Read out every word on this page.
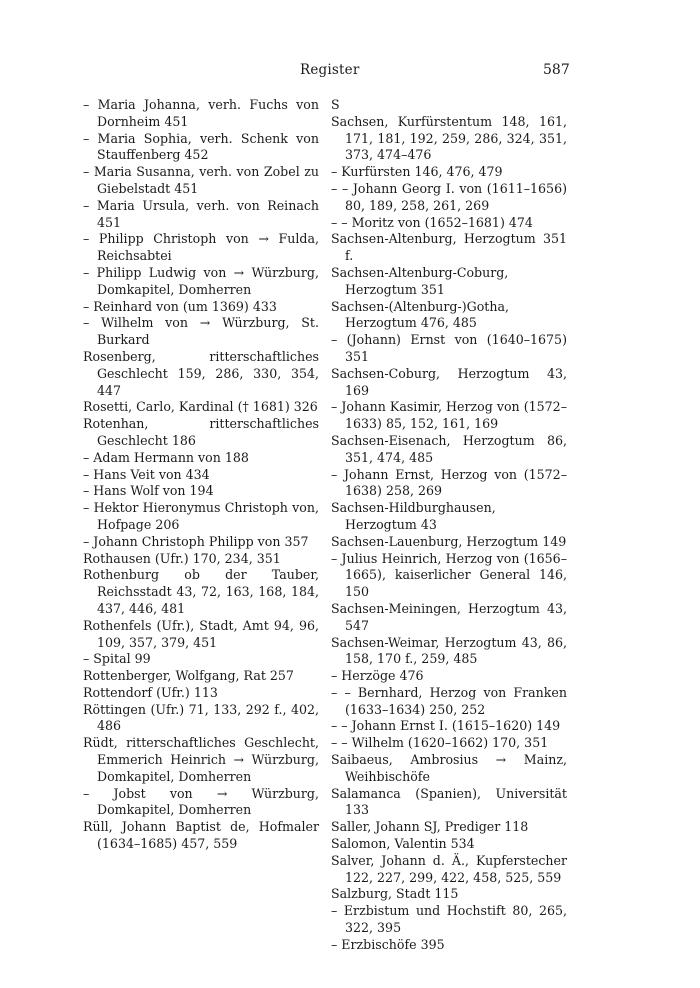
Register	587
– Maria Johanna, verh. Fuchs von Dornheim 451
– Maria Sophia, verh. Schenk von Stauffenberg 452
– Maria Susanna, verh. von Zobel zu Giebelstadt 451
– Maria Ursula, verh. von Reinach 451
– Philipp Christoph von → Fulda, Reichsabtei
– Philipp Ludwig von → Würzburg, Domkapitel, Domherren
– Reinhard von (um 1369) 433
– Wilhelm von → Würzburg, St. Burkard
Rosenberg, ritterschaftliches Geschlecht 159, 286, 330, 354, 447
Rosetti, Carlo, Kardinal († 1681) 326
Rotenhan, ritterschaftliches Geschlecht 186
– Adam Hermann von 188
– Hans Veit von 434
– Hans Wolf von 194
– Hektor Hieronymus Christoph von, Hofpage 206
– Johann Christoph Philipp von 357
Rothausen (Ufr.) 170, 234, 351
Rothenburg ob der Tauber, Reichsstadt 43, 72, 163, 168, 184, 437, 446, 481
Rothenfels (Ufr.), Stadt, Amt 94, 96, 109, 357, 379, 451
– Spital 99
Rottenberger, Wolfgang, Rat 257
Rottendorf (Ufr.) 113
Röttingen (Ufr.) 71, 133, 292 f., 402, 486
Rüdt, ritterschaftliches Geschlecht, Emmerich Heinrich → Würzburg, Domkapitel, Domherren
– Jobst von → Würzburg, Domkapitel, Domherren
Rüll, Johann Baptist de, Hofmaler (1634–1685) 457, 559
S
Sachsen, Kurfürstentum 148, 161, 171, 181, 192, 259, 286, 324, 351, 373, 474–476
– Kurfürsten 146, 476, 479
– – Johann Georg I. von (1611–1656) 80, 189, 258, 261, 269
– – Moritz von (1652–1681) 474
Sachsen-Altenburg, Herzogtum 351 f.
Sachsen-Altenburg-Coburg, Herzogtum 351
Sachsen-(Altenburg-)Gotha, Herzogtum 476, 485
– (Johann) Ernst von (1640–1675) 351
Sachsen-Coburg, Herzogtum 43, 169
– Johann Kasimir, Herzog von (1572–1633) 85, 152, 161, 169
Sachsen-Eisenach, Herzogtum 86, 351, 474, 485
– Johann Ernst, Herzog von (1572–1638) 258, 269
Sachsen-Hildburghausen, Herzogtum 43
Sachsen-Lauenburg, Herzogtum 149
– Julius Heinrich, Herzog von (1656–1665), kaiserlicher General 146, 150
Sachsen-Meiningen, Herzogtum 43, 547
Sachsen-Weimar, Herzogtum 43, 86, 158, 170 f., 259, 485
– Herzöge 476
– – Bernhard, Herzog von Franken (1633–1634) 250, 252
– – Johann Ernst I. (1615–1620) 149
– – Wilhelm (1620–1662) 170, 351
Saibaeus, Ambrosius → Mainz, Weihbischöfe
Salamanca (Spanien), Universität 133
Saller, Johann SJ, Prediger 118
Salomon, Valentin 534
Salver, Johann d. Ä., Kupferstecher 122, 227, 299, 422, 458, 525, 559
Salzburg, Stadt 115
– Erzbistum und Hochstift 80, 265, 322, 395
– Erzbischöfe 395
